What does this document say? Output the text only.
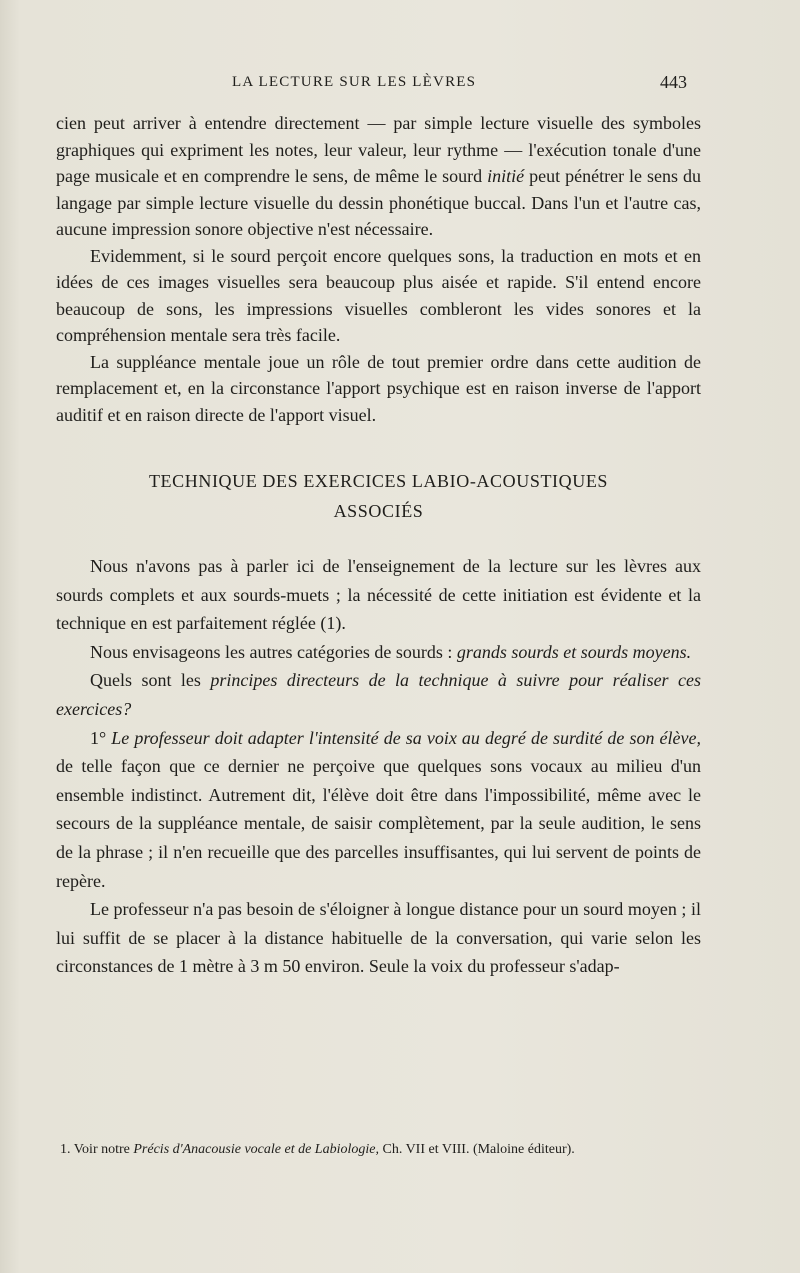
LA LECTURE SUR LES LÈVRES	443

cien peut arriver à entendre directement — par simple lecture visuelle des symboles graphiques qui expriment les notes, leur valeur, leur rythme — l'exécution tonale d'une page musicale et en comprendre le sens, de même le sourd initié peut pénétrer le sens du langage par simple lecture visuelle du dessin phonétique buccal. Dans l'un et l'autre cas, aucune impression sonore objective n'est nécessaire.

Evidemment, si le sourd perçoit encore quelques sons, la traduction en mots et en idées de ces images visuelles sera beaucoup plus aisée et rapide. S'il entend encore beaucoup de sons, les impressions visuelles combleront les vides sonores et la compréhension mentale sera très facile.

La suppléance mentale joue un rôle de tout premier ordre dans cette audition de remplacement et, en la circonstance l'apport psychique est en raison inverse de l'apport auditif et en raison directe de l'apport visuel.

TECHNIQUE DES EXERCICES LABIO-ACOUSTIQUES
ASSOCIÉS

Nous n'avons pas à parler ici de l'enseignement de la lecture sur les lèvres aux sourds complets et aux sourds-muets ; la nécessité de cette initiation est évidente et la technique en est parfaitement réglée (1).

Nous envisageons les autres catégories de sourds : grands sourds et sourds moyens.

Quels sont les principes directeurs de la technique à suivre pour réaliser ces exercices?

1° Le professeur doit adapter l'intensité de sa voix au degré de surdité de son élève, de telle façon que ce dernier ne perçoive que quelques sons vocaux au milieu d'un ensemble indistinct. Autrement dit, l'élève doit être dans l'impossibilité, même avec le secours de la suppléance mentale, de saisir complètement, par la seule audition, le sens de la phrase ; il n'en recueille que des parcelles insuffisantes, qui lui servent de points de repère.

Le professeur n'a pas besoin de s'éloigner à longue distance pour un sourd moyen ; il lui suffit de se placer à la distance habituelle de la conversation, qui varie selon les circonstances de 1 mètre à 3 m 50 environ. Seule la voix du professeur s'adap-

1. Voir notre Précis d'Anacousie vocale et de Labiologie, Ch. VII et VIII. (Maloine éditeur).
